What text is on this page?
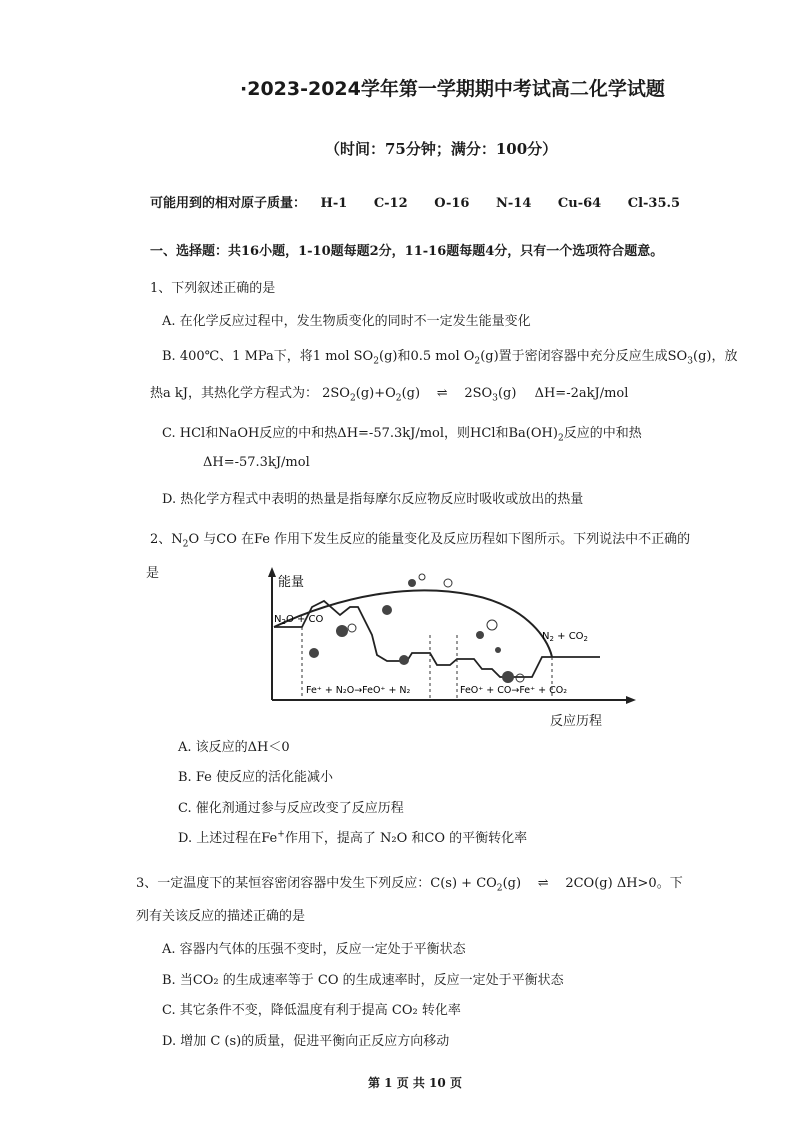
·2023-2024学年第一学期期中考试高二化学试题
（时间：75分钟；满分：100分）
可能用到的相对原子质量： H-1 C-12 O-16 N-14 Cu-64 Cl-35.5
一、选择题：共16小题，1-10题每题2分，11-16题每题4分，只有一个选项符合题意。
1、下列叙述正确的是
A. 在化学反应过程中，发生物质变化的同时不一定发生能量变化
B. 400℃、1 MPa下，将1 mol $SO_2(g)$和0.5 mol $O_2(g)$置于密闭容器中充分反应生成$SO_3(g)$，放
热a kJ，其热化学方程式为： $2SO_2(g)+O_2(g)$ ⇌ $2SO_3(g)$ ΔH=-2akJ/mol
C. HCl和NaOH反应的中和热ΔH=-57.3kJ/mol，则HCl和$Ba(OH)_2$反应的中和热
ΔH=-57.3kJ/mol
D. 热化学方程式中表明的热量是指每摩尔反应物反应时吸收或放出的热量
2、$N_2O$ 与CO 在Fe 作用下发生反应的能量变化及反应历程如下图所示。下列说法中不正确的
是
能量
$N_2O$ + CO
$N_2 + CO_2$
Fe⁺ + N₂O→FeO⁺ + N₂	FeO⁺ + CO→Fe⁺ + CO₂
反应历程
A. 该反应的ΔH＜0
B. Fe 使反应的活化能减小
C. 催化剂通过参与反应改变了反应历程
D. 上述过程在Fe+作用下，提高了 N₂O 和CO 的平衡转化率
3、一定温度下的某恒容密闭容器中发生下列反应：$C(s) + CO_2(g)$ ⇌ 2CO(g) ΔH>0。下
列有关该反应的描述正确的是
A. 容器内气体的压强不变时，反应一定处于平衡状态
B. 当CO₂ 的生成速率等于 CO 的生成速率时，反应一定处于平衡状态
C. 其它条件不变，降低温度有利于提高 CO₂ 转化率
D. 增加 C (s)的质量，促进平衡向正反应方向移动
第 1 页 共 10 页
